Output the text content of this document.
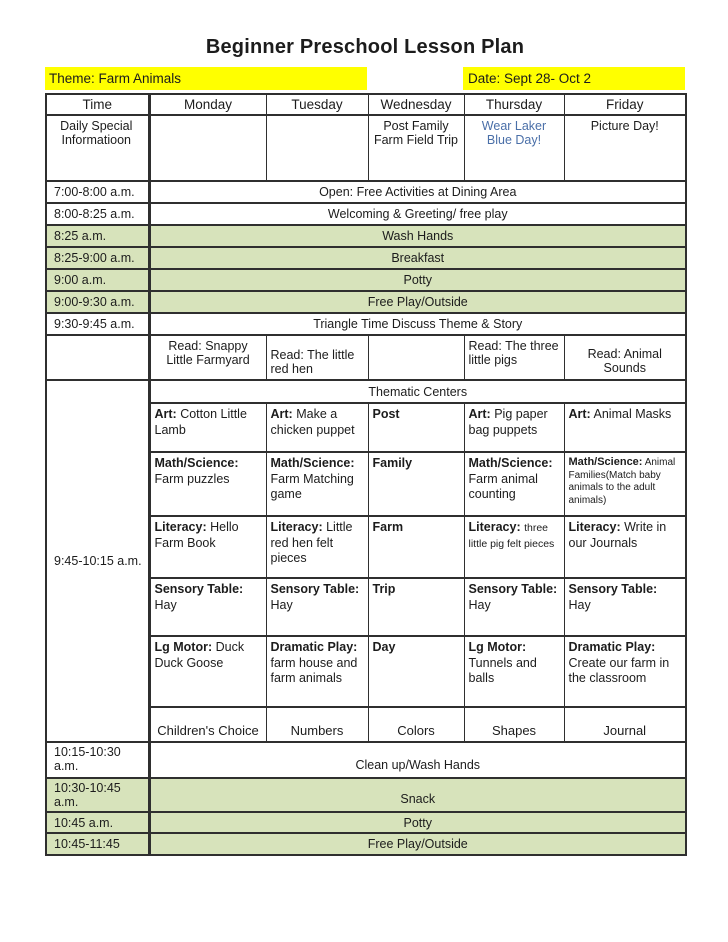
Beginner Preschool Lesson Plan
Theme: Farm Animals	Date: Sept 28- Oct 2
Time	Monday	Tuesday	Wednesday	Thursday	Friday
Daily Special Informatioon			Post Family Farm Field Trip	Wear Laker Blue Day!	Picture Day!
7:00-8:00 a.m.	Open: Free Activities at Dining Area				
8:00-8:25 a.m.	Welcoming & Greeting/ free play				
8:25 a.m.	Wash Hands				
8:25-9:00 a.m.	Breakfast				
9:00 a.m.	Potty				
9:00-9:30 a.m.	Free Play/Outside				
9:30-9:45 a.m.	Triangle Time Discuss Theme & Story				
	Read: Snappy Little Farmyard	Read: The little red hen		Read: The three little pigs	Read: Animal Sounds
9:45-10:15 a.m.	Thematic Centers				
	Art: Cotton Little Lamb	Art: Make a chicken puppet	Post	Art: Pig paper bag puppets	Art: Animal Masks
	Math/Science: Farm puzzles	Math/Science: Farm Matching game	Family	Math/Science: Farm animal counting	Math/Science: Animal Families(Match baby animals to the adult animals)
	Literacy: Hello Farm Book	Literacy: Little red hen felt pieces	Farm	Literacy: three little pig felt pieces	Literacy: Write in our Journals
	Sensory Table: Hay	Sensory Table: Hay	Trip	Sensory Table: Hay	Sensory Table: Hay
	Lg Motor: Duck Duck Goose	Dramatic Play: farm house and farm animals	Day	Lg Motor: Tunnels and balls	Dramatic Play: Create our farm in the classroom
	Children's Choice	Numbers	Colors	Shapes	Journal
10:15-10:30 a.m.	Clean up/Wash Hands				
10:30-10:45 a.m.	Snack				
10:45 a.m.	Potty				
10:45-11:45	Free Play/Outside				
